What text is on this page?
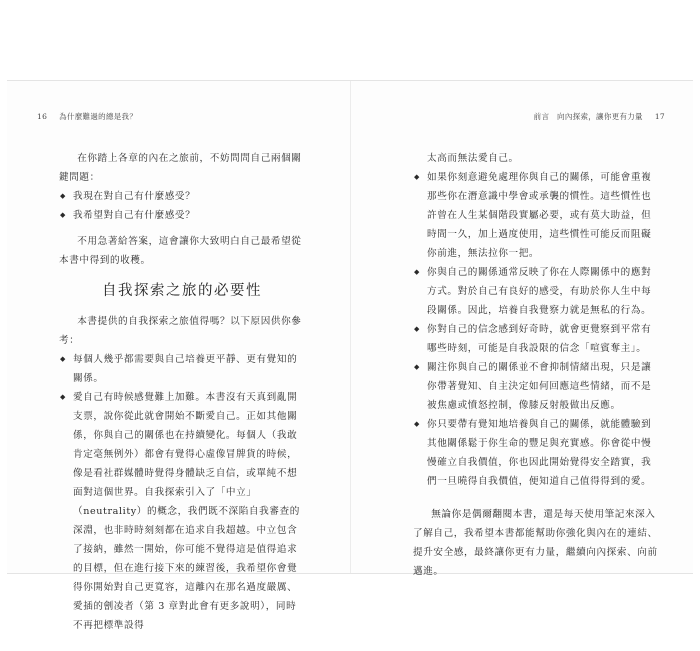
16 為什麼難過的總是我？

在你踏上各章的內在之旅前，不妨問問自己兩個關鍵問題：

◆ 我現在對自己有什麼感受？
◆ 我希望對自己有什麼感受？

不用急著給答案，這會讓你大致明白自己最希望從本書中得到的收穫。

自我探索之旅的必要性

本書提供的自我探索之旅值得嗎？以下原因供你參考：

◆ 每個人幾乎都需要與自己培養更平靜、更有覺知的關係。
◆ 愛自己有時候感覺難上加難。本書沒有天真到亂開支票，說你從此就會開始不斷愛自己。正如其他關係，你與自己的關係也在持續變化。每個人（我敢肯定毫無例外）都會有覺得心虛像冒牌貨的時候，像是看社群媒體時覺得身體缺乏自信，或單純不想面對這個世界。自我探索引入了「中立」（neutrality）的概念，我們既不深陷自我審查的深淵，也非時時刻刻都在追求自我超越。中立包含了接納，雖然一開始，你可能不覺得這是值得追求的目標，但在進行接下來的練習後，我希望你會覺得你開始對自己更寬容，這離內在那名過度嚴厲、愛插的劊凌者（第 3 章對此會有更多說明），同時不再把標準設得
前言　向內探索，讓你更有力量 17

太高而無法愛自己。

◆ 如果你刻意避免處理你與自己的關係，可能會重複那些你在潛意識中學會或承襲的慣性。這些慣性也許曾在人生某個階段實屬必要，或有莫大助益，但時間一久，加上過度使用，這些慣性可能反而阻礙你前進，無法拉你一把。
◆ 你與自己的關係通常反映了你在人際關係中的應對方式。對於自己有良好的感受，有助於你人生中每段關係。因此，培養自我覺察力就是無私的行為。
◆ 你對自己的信念感到好奇時，就會更覺察到平常有哪些時刻，可能是自我設限的信念「喧賓奪主」。
◆ 關注你與自己的關係並不會抑制情緒出現，只是讓你帶著覺知、自主決定如何回應這些情緒，而不是被焦慮或憤怒控制，像膝反射般做出反應。
◆ 你只要帶有覺知地培養與自己的關係，就能體驗到其他關係鬆于你生命的豐足與充實感。你會從中慢慢確立自我價值，你也因此開始覺得安全踏實，我們一旦曉得自我價值，便知道自己值得得到的愛。

無論你是偶爾翻閱本書，還是每天使用筆記來深入了解自己，我希望本書都能幫助你強化與內在的連結、提升安全感，最終讓你更有力量，繼續向內探索、向前邁進。
